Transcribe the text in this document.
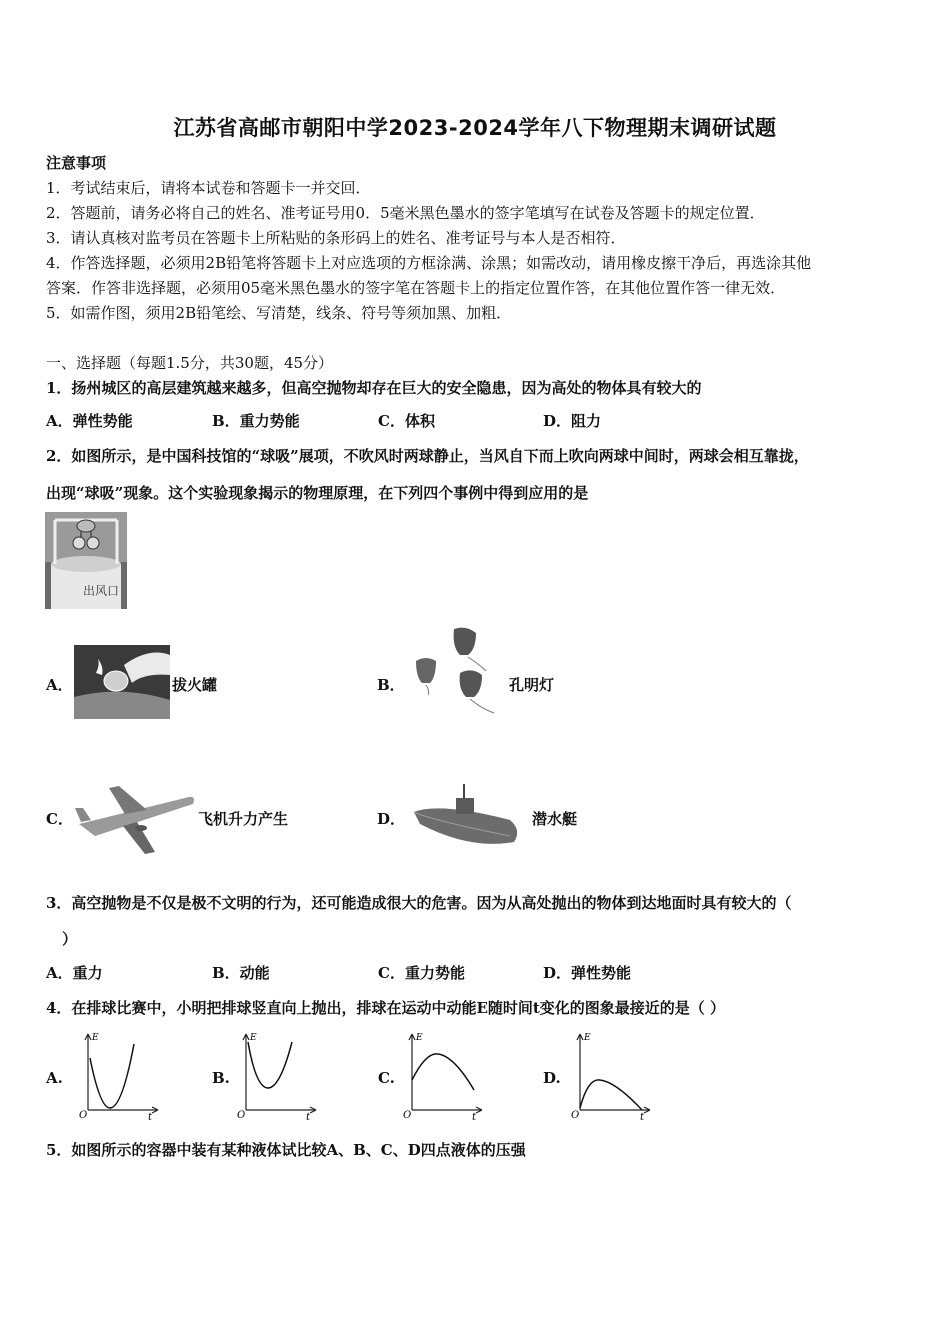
江苏省高邮市朝阳中学2023-2024学年八下物理期末调研试题
注意事项
1．考试结束后，请将本试卷和答题卡一并交回．
2．答题前，请务必将自己的姓名、准考证号用0．5毫米黑色墨水的签字笔填写在试卷及答题卡的规定位置．
3．请认真核对监考员在答题卡上所粘贴的条形码上的姓名、准考证号与本人是否相符．
4．作答选择题，必须用2B铅笔将答题卡上对应选项的方框涂满、涂黑；如需改动，请用橡皮擦干净后，再选涂其他
答案．作答非选择题，必须用05毫米黑色墨水的签字笔在答题卡上的指定位置作答，在其他位置作答一律无效．
5．如需作图，须用2B铅笔绘、写清楚，线条、符号等须加黑、加粗．
一、选择题（每题1.5分，共30题，45分）
1．扬州城区的高层建筑越来越多，但高空抛物却存在巨大的安全隐患，因为高处的物体具有较大的
A．弹性势能	B．重力势能	C．体积	D．阻力
2．如图所示，是中国科技馆的“球吸”展项，不吹风时两球静止，当风自下而上吹向两球中间时，两球会相互靠拢，
出现“球吸”现象。这个实验现象揭示的物理原理，在下列四个事例中得到应用的是
出风口
A．	拔火罐	B．	孔明灯
C．	飞机升力产生	D．	潜水艇
3．高空抛物是不仅是极不文明的行为，还可能造成很大的危害。因为从高处抛出的物体到达地面时具有较大的（
）
A．重力	B．动能	C．重力势能	D．弹性势能
4．在排球比赛中，小明把排球竖直向上抛出，排球在运动中动能E随时间t变化的图象最接近的是（ ）
A.
E
t
O
B.
E
t
O
C.
E
t
O
D.
E
t
O
5．如图所示的容器中装有某种液体试比较A、B、C、D四点液体的压强
